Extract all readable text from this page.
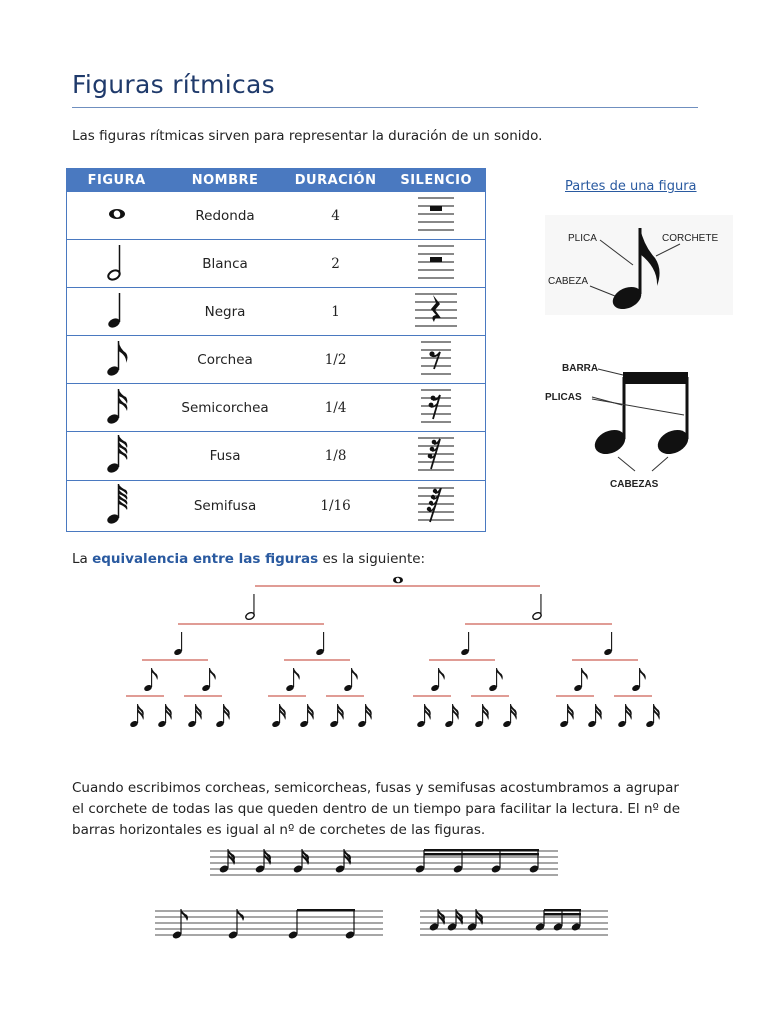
Figuras rítmicas
Las figuras rítmicas sirven para representar la duración de un sonido.
FIGURA	NOMBRE	DURACIÓN	SILENCIO
	Redonda	4	
	Blanca	2	
	Negra	1	
	Corchea	1/2	
	Semicorchea	1/4	
	Fusa	1/8	
	Semifusa	1/16	
Partes de una figura
PLICA	CORCHETE
CABEZA
BARRA
PLICAS
CABEZAS
La equivalencia entre las figuras es la siguiente:
Cuando escribimos corcheas, semicorcheas, fusas y semifusas acostumbramos a agrupar el corchete de todas las que queden dentro de un tiempo para facilitar la lectura. El nº de barras horizontales es igual al nº de corchetes de las figuras.
